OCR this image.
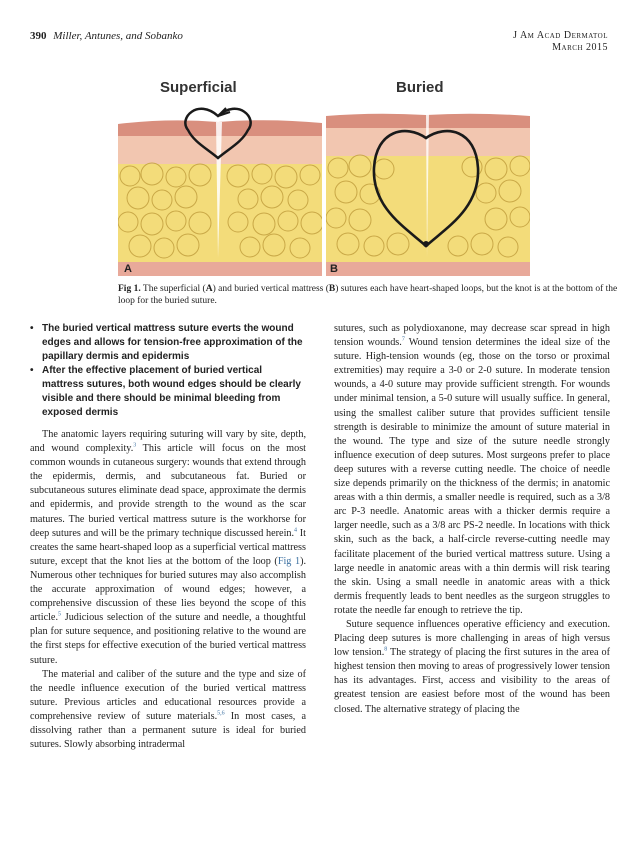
390 Miller, Antunes, and Sobanko	J Am Acad Dermatol
March 2015
Superficial
A
Buried
B
Fig 1. The superficial (A) and buried vertical mattress (B) sutures each have heart-shaped loops, but the knot is at the bottom of the loop for the buried suture.
• The buried vertical mattress suture everts the wound edges and allows for tension-free approximation of the papillary dermis and epidermis
• After the effective placement of buried vertical mattress sutures, both wound edges should be clearly visible and there should be minimal bleeding from exposed dermis

The anatomic layers requiring suturing will vary by site, depth, and wound complexity.$^3$ This article will focus on the most common wounds in cutaneous surgery: wounds that extend through the epidermis, dermis, and subcutaneous fat. Buried or subcutaneous sutures eliminate dead space, approximate the dermis and epidermis, and provide strength to the wound as the scar matures. The buried vertical mattress suture is the workhorse for deep sutures and will be the primary technique discussed herein.$^4$ It creates the same heart-shaped loop as a superficial vertical mattress suture, except that the knot lies at the bottom of the loop (Fig 1). Numerous other techniques for buried sutures may also accomplish the accurate approximation of wound edges; however, a comprehensive discussion of these lies beyond the scope of this article.$^5$ Judicious selection of the suture and needle, a thoughtful plan for suture sequence, and positioning relative to the wound are the first steps for effective execution of the buried vertical mattress suture.

The material and caliber of the suture and the type and size of the needle influence execution of the buried vertical mattress suture. Previous articles and educational resources provide a comprehensive review of suture materials.$^{5,6}$ In most cases, a dissolving rather than a permanent suture is ideal for buried sutures. Slowly absorbing intradermal

sutures, such as polydioxanone, may decrease scar spread in high tension wounds.$^7$ Wound tension determines the ideal size of the suture. High-tension wounds (eg, those on the torso or proximal extremities) may require a 3-0 or 2-0 suture. In moderate tension wounds, a 4-0 suture may provide sufficient strength. For wounds under minimal tension, a 5-0 suture will usually suffice. In general, using the smallest caliber suture that provides sufficient tensile strength is desirable to minimize the amount of suture material in the wound. The type and size of the suture needle strongly influence execution of deep sutures. Most surgeons prefer to place deep sutures with a reverse cutting needle. The choice of needle size depends primarily on the thickness of the dermis; in anatomic areas with a thin dermis, a smaller needle is required, such as a 3/8 arc P-3 needle. Anatomic areas with a thicker dermis require a larger needle, such as a 3/8 arc PS-2 needle. In locations with thick skin, such as the back, a half-circle reverse-cutting needle may facilitate placement of the buried vertical mattress suture. Using a large needle in anatomic areas with a thin dermis will risk tearing the skin. Using a small needle in anatomic areas with a thick dermis frequently leads to bent needles as the surgeon struggles to rotate the needle far enough to retrieve the tip.

Suture sequence influences operative efficiency and execution. Placing deep sutures is more challenging in areas of high versus low tension.$^8$ The strategy of placing the first sutures in the area of highest tension then moving to areas of progressively lower tension has its advantages. First, access and visibility to the areas of greatest tension are easiest before most of the wound has been closed. The alternative strategy of placing the
